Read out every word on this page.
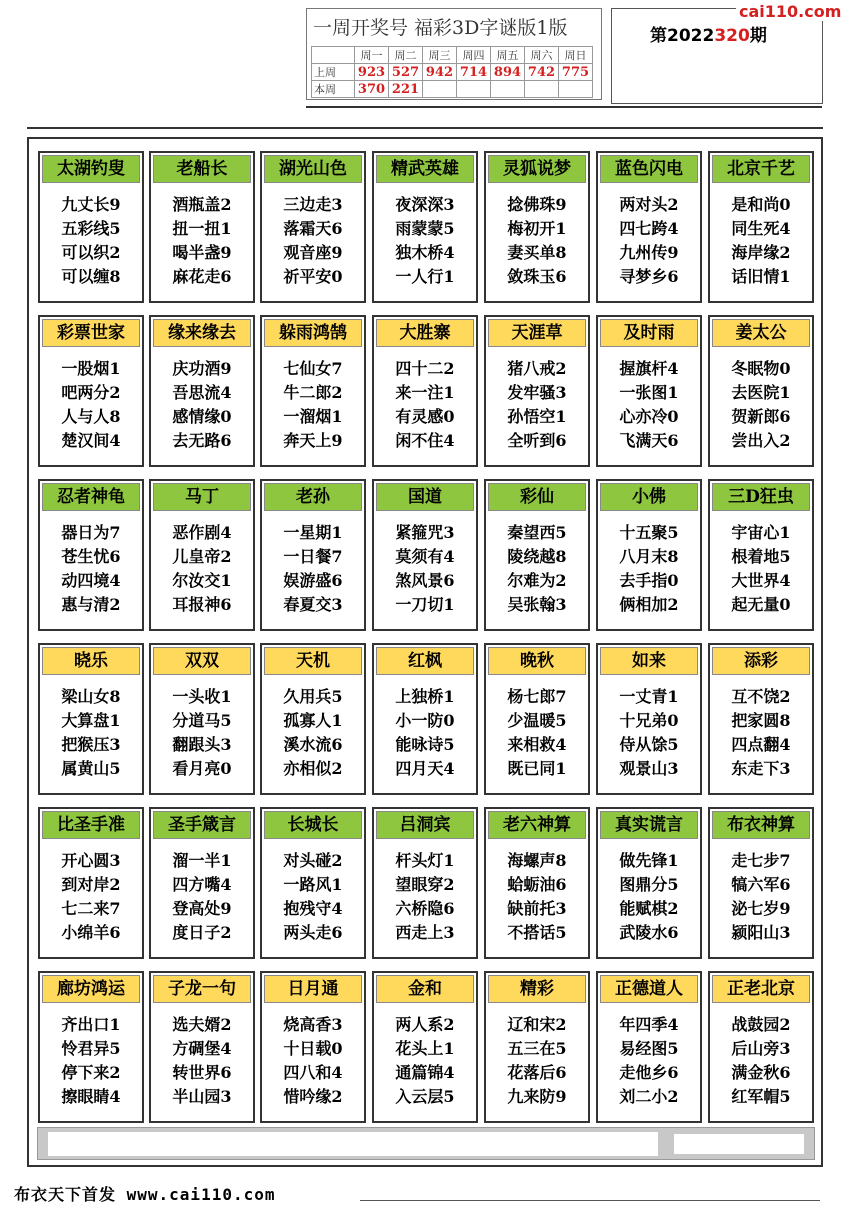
一周开奖号 福彩3D字谜版1版
	周一	周二	周三	周四	周五	周六	周日
上周	923	527	942	714	894	742	775
本周	370	221					
第2022320期
cai110.com
太湖钓叟
九丈长9
五彩线5
可以织2
可以缠8
老船长
酒瓶盖2
扭一扭1
喝半盏9
麻花走6
湖光山色
三边走3
落霜天6
观音座9
祈平安0
精武英雄
夜深深3
雨蒙蒙5
独木桥4
一人行1
灵狐说梦
捻佛珠9
梅初开1
妻买单8
敛珠玉6
蓝色闪电
两对头2
四七跨4
九州传9
寻梦乡6
北京千艺
是和尚0
同生死4
海岸缘2
话旧情1
彩票世家
一股烟1
吧两分2
人与人8
楚汉间4
缘来缘去
庆功酒9
吾思流4
感情缘0
去无路6
躲雨鸿鹄
七仙女7
牛二郎2
一溜烟1
奔天上9
大胜寨
四十二2
来一注1
有灵感0
闲不住4
天涯草
猪八戒2
发牢骚3
孙悟空1
全听到6
及时雨
握旗杆4
一张图1
心亦冷0
飞满天6
姜太公
冬眠物0
去医院1
贺新郎6
尝出入2
忍者神龟
器日为7
苍生忧6
动四境4
惠与清2
马丁
恶作剧4
儿皇帝2
尔汝交1
耳报神6
老孙
一星期1
一日餐7
娱游盛6
春夏交3
国道
紧箍咒3
莫须有4
煞风景6
一刀切1
彩仙
秦望西5
陵绕越8
尔难为2
吴张翰3
小佛
十五聚5
八月末8
去手指0
俩相加2
三D狂虫
宇宙心1
根着地5
大世界4
起无量0
晓乐
梁山女8
大算盘1
把猴压3
属黄山5
双双
一头收1
分道马5
翻跟头3
看月亮0
天机
久用兵5
孤寡人1
溪水流6
亦相似2
红枫
上独桥1
小一防0
能咏诗5
四月天4
晚秋
杨七郎7
少温暖5
来相救4
既已同1
如来
一丈青1
十兄弟0
侍从馀5
观景山3
添彩
互不饶2
把家圆8
四点翻4
东走下3
比圣手准
开心圆3
到对岸2
七二来7
小绵羊6
圣手箴言
溜一半1
四方嘴4
登高处9
度日子2
长城长
对头碰2
一路风1
抱残守4
两头走6
吕洞宾
杆头灯1
望眼穿2
六桥隐6
西走上3
老六神算
海螺声8
蛤蛎油6
缺前托3
不搭话5
真实谎言
做先锋1
图鼎分5
能赋棋2
武陵水6
布衣神算
走七步7
犒六军6
泌七岁9
颍阳山3
廊坊鸿运
齐出口1
怜君异5
停下来2
擦眼睛4
子龙一句
选夫婿2
方碉堡4
转世界6
半山园3
日月通
烧高香3
十日载0
四八和4
惜吟缘2
金和
两人系2
花头上1
通篇锦4
入云层5
精彩
辽和宋2
五三在5
花落后6
九来防9
正德道人
年四季4
易经图5
走他乡6
刘二小2
正老北京
战鼓园2
后山旁3
满金秋6
红军帽5
布衣天下首发 www.cai110.com
